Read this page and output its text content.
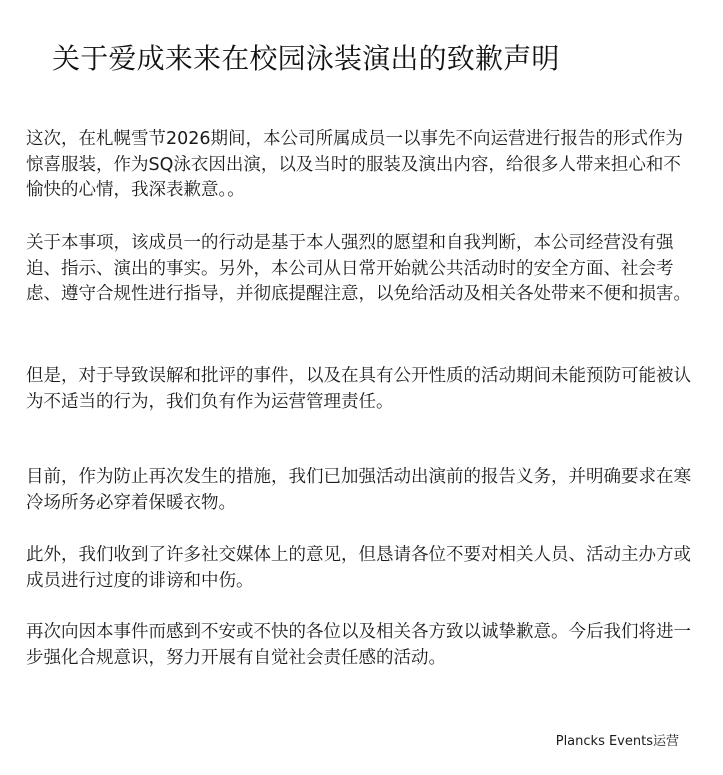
关于爱成来来在校园泳装演出的致歉声明

这次，在札幌雪节2026期间，本公司所属成员一以事先不向运营进行报告的形式作为惊喜服装，作为SQ泳衣因出演，以及当时的服装及演出内容，给很多人带来担心和不愉快的心情，我深表歉意。。

关于本事项，该成员一的行动是基于本人强烈的愿望和自我判断，本公司经营没有强迫、指示、演出的事实。另外，本公司从日常开始就公共活动时的安全方面、社会考虑、遵守合规性进行指导，并彻底提醒注意，以免给活动及相关各处带来不便和损害。

但是，对于导致误解和批评的事件，以及在具有公开性质的活动期间未能预防可能被认为不适当的行为，我们负有作为运营管理责任。

目前，作为防止再次发生的措施，我们已加强活动出演前的报告义务，并明确要求在寒冷场所务必穿着保暖衣物。

此外，我们收到了许多社交媒体上的意见，但恳请各位不要对相关人员、活动主办方或成员进行过度的诽谤和中伤。

再次向因本事件而感到不安或不快的各位以及相关各方致以诚挚歉意。今后我们将进一步强化合规意识，努力开展有自觉社会责任感的活动。

Plancks Events运营
